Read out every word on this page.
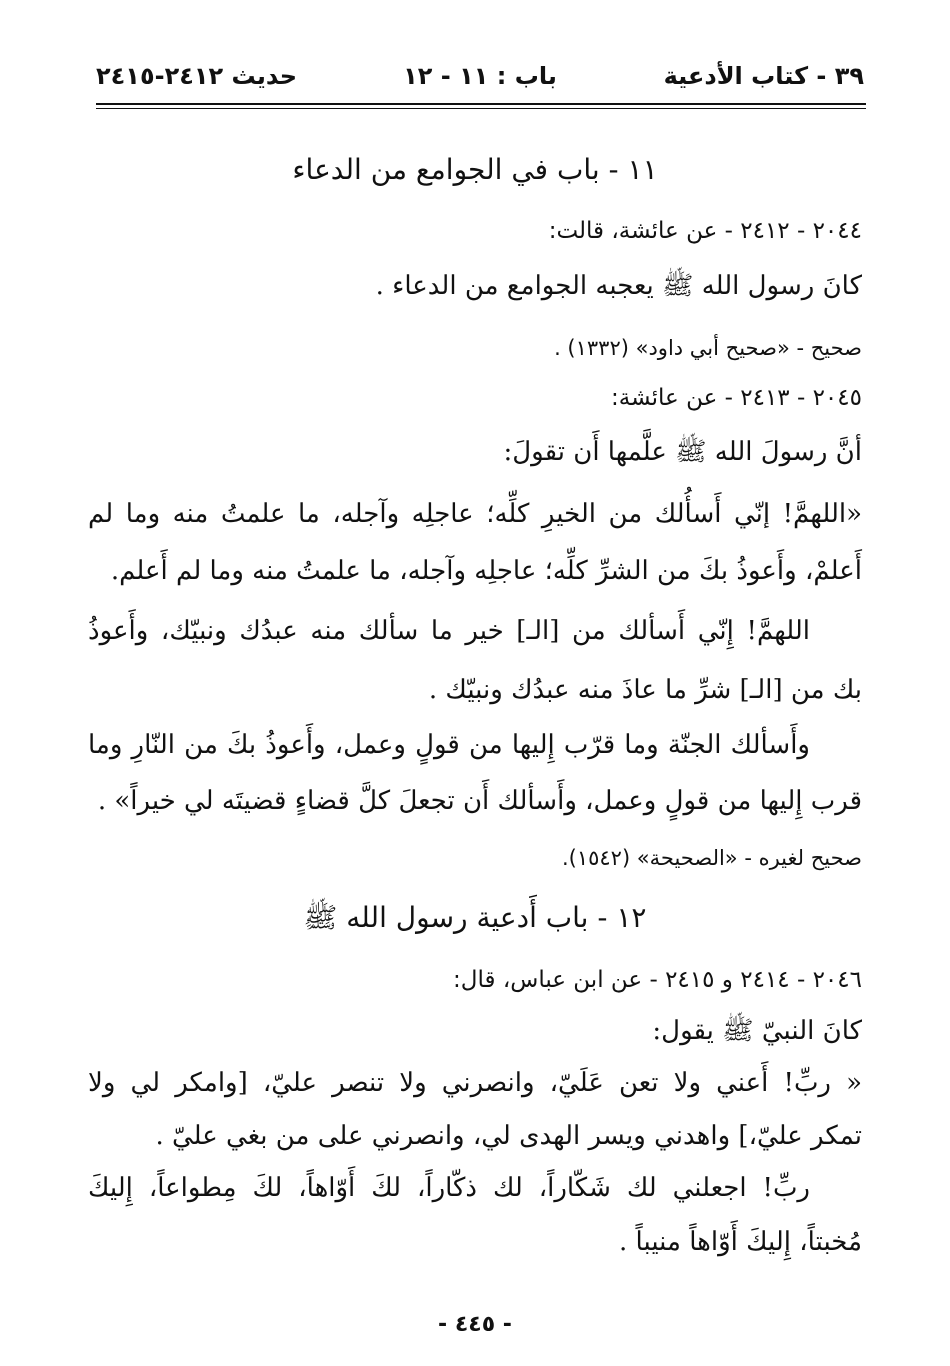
٣٩ - كتاب الأدعية
باب : ١١ - ١٢
حديث ٢٤١٢-٢٤١٥
١١ - باب في الجوامع من الدعاء
٢٠٤٤ - ٢٤١٢ - عن عائشة، قالت:
كانَ رسول الله ﷺ يعجبه الجوامع من الدعاء .
صحيح - «صحيح أبي داود» (١٣٣٢) .
٢٠٤٥ - ٢٤١٣ - عن عائشة:
أنَّ رسولَ الله ﷺ علَّمها أَن تقولَ:
«اللهمَّ! إنّي أَسأُلك من الخيرِ كلِّه؛ عاجلِه وآجله، ما علمتُ منه وما لم
أَعلمْ، وأَعوذُ بكَ من الشرِّ كلِّه؛ عاجلِه وآجله، ما علمتُ منه وما لم أَعلم.
اللهمَّ! إِنّي أَسألك من [الـ] خير ما سألك منه عبدُك ونبيّك، وأَعوذُ
بك من [الـ] شرِّ ما عاذَ منه عبدُك ونبيّك .
وأَسألك الجنّة وما قرّب إِليها من قولٍ وعمل، وأَعوذُ بكَ من النّارِ وما
قرب إِليها من قولٍ وعمل، وأَسألك أَن تجعلَ كلَّ قضاءٍ قضيتَه لي خيراً» .
صحيح لغيره - «الصحيحة» (١٥٤٢).
١٢ - باب أَدعية رسول الله ﷺ
٢٠٤٦ - ٢٤١٤ و ٢٤١٥ - عن ابن عباس، قال:
كانَ النبيّ ﷺ يقول:
« ربِّ! أَعني ولا تعن عَلَيّ، وانصرني ولا تنصر عليّ، [وامكر لي ولا
تمكر عليّ،] واهدني ويسر الهدى لي، وانصرني على من بغي عليّ .
ربِّ! اجعلني لك شَكّاراً، لك ذكّاراً، لكَ أَوّاهاً، لكَ مِطواعاً، إِليكَ
مُخبتاً، إِليكَ أَوّاهاً منيباً .
- ٤٤٥ -
